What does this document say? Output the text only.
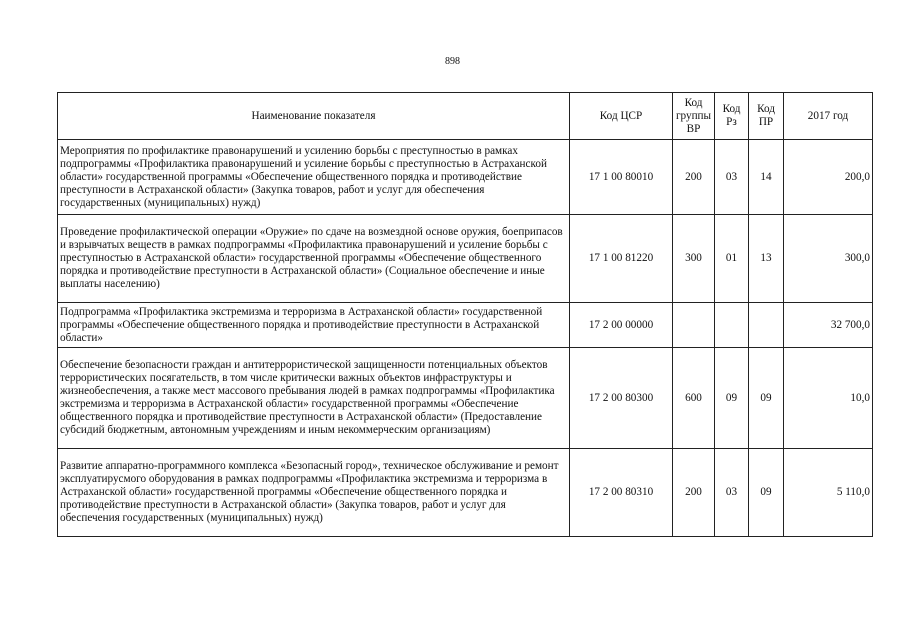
898
Наименование показателя	Код ЦСР	Код группы ВР	Код Рз	Код ПР	2017 год
Мероприятия по профилактике правонарушений и усилению борьбы с преступностью в рамках подпрограммы «Профилактика правонарушений и усиление борьбы с преступностью в Астраханской области» государственной программы «Обеспечение общественного порядка и противодействие преступности в Астраханской области» (Закупка товаров, работ и услуг для обеспечения государственных (муниципальных) нужд)	17 1 00 80010	200	03	14	200,0
Проведение профилактической операции «Оружие» по сдаче на возмездной основе оружия, боеприпасов и взрывчатых веществ в рамках подпрограммы «Профилактика правонарушений и усиление борьбы с преступностью в Астраханской области» государственной программы «Обеспечение общественного порядка и противодействие преступности в Астраханской области» (Социальное обеспечение и иные выплаты населению)	17 1 00 81220	300	01	13	300,0
Подпрограмма «Профилактика экстремизма и терроризма в Астраханской области» государственной программы «Обеспечение общественного порядка и противодействие преступности в Астраханской области»	17 2 00 00000				32 700,0
Обеспечение безопасности граждан и антитеррористической защищенности потенциальных объектов террористических посягательств, в том числе критически важных объектов инфраструктуры и жизнеобеспечения, а также мест массового пребывания людей в рамках подпрограммы «Профилактика экстремизма и терроризма в Астраханской области» государственной программы «Обеспечение общественного порядка и противодействие преступности в Астраханской области» (Предоставление субсидий бюджетным, автономным учреждениям и иным некоммерческим организациям)	17 2 00 80300	600	09	09	10,0
Развитие аппаратно-программного комплекса «Безопасный город», техническое обслуживание и ремонт эксплуатирусмого оборудования в рамках подпрограммы «Профилактика экстремизма и терроризма в Астраханской области» государственной программы «Обеспечение общественного порядка и противодействие преступности в Астраханской области» (Закупка товаров, работ и услуг для обеспечения государственных (муниципальных) нужд)	17 2 00 80310	200	03	09	5 110,0
